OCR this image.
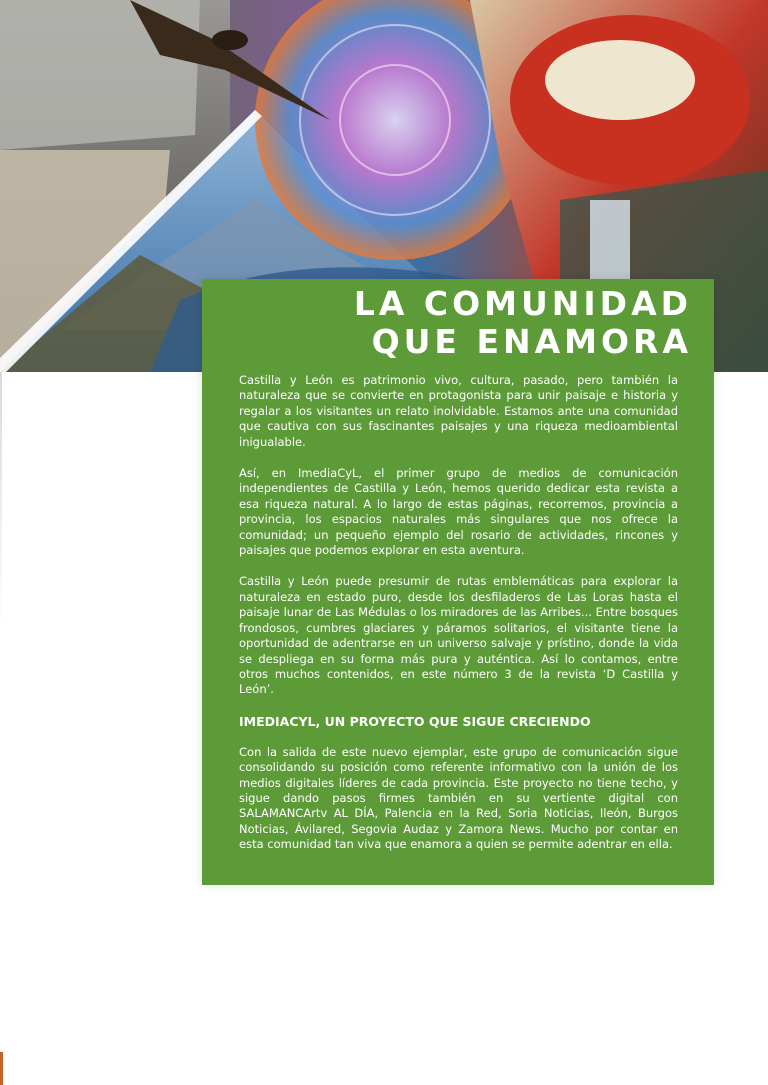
LA COMUNIDAD
QUE ENAMORA

Castilla y León es patrimonio vivo, cultura, pasado, pero también la naturaleza que se convierte en protagonista para unir paisaje e historia y regalar a los visitantes un relato inolvidable. Estamos ante una comunidad que cautiva con sus fascinantes paisajes y una riqueza medioambiental inigualable.

Así, en ImediaCyL, el primer grupo de medios de comunicación independientes de Castilla y León, hemos querido dedicar esta revista a esa riqueza natural. A lo largo de estas páginas, recorremos, provincia a provincia, los espacios naturales más singulares que nos ofrece la comunidad; un pequeño ejemplo del rosario de actividades, rincones y paisajes que podemos explorar en esta aventura.

Castilla y León puede presumir de rutas emblemáticas para explorar la naturaleza en estado puro, desde los desfiladeros de Las Loras hasta el paisaje lunar de Las Médulas o los miradores de las Arribes... Entre bosques frondosos, cumbres glaciares y páramos solitarios, el visitante tiene la oportunidad de adentrarse en un universo salvaje y prístino, donde la vida se despliega en su forma más pura y auténtica. Así lo contamos, entre otros muchos contenidos, en este número 3 de la revista ‘D Castilla y León’.

IMEDIACYL, UN PROYECTO QUE SIGUE CRECIENDO

Con la salida de este nuevo ejemplar, este grupo de comunicación sigue consolidando su posición como referente informativo con la unión de los medios digitales líderes de cada provincia. Este proyecto no tiene techo, y sigue dando pasos firmes también en su vertiente digital con SALAMANCArtv AL DÍA, Palencia en la Red, Soria Noticias, Ileón, Burgos Noticias, Ávilared, Segovia Audaz y Zamora News. Mucho por contar en esta comunidad tan viva que enamora a quien se permite adentrar en ella.
